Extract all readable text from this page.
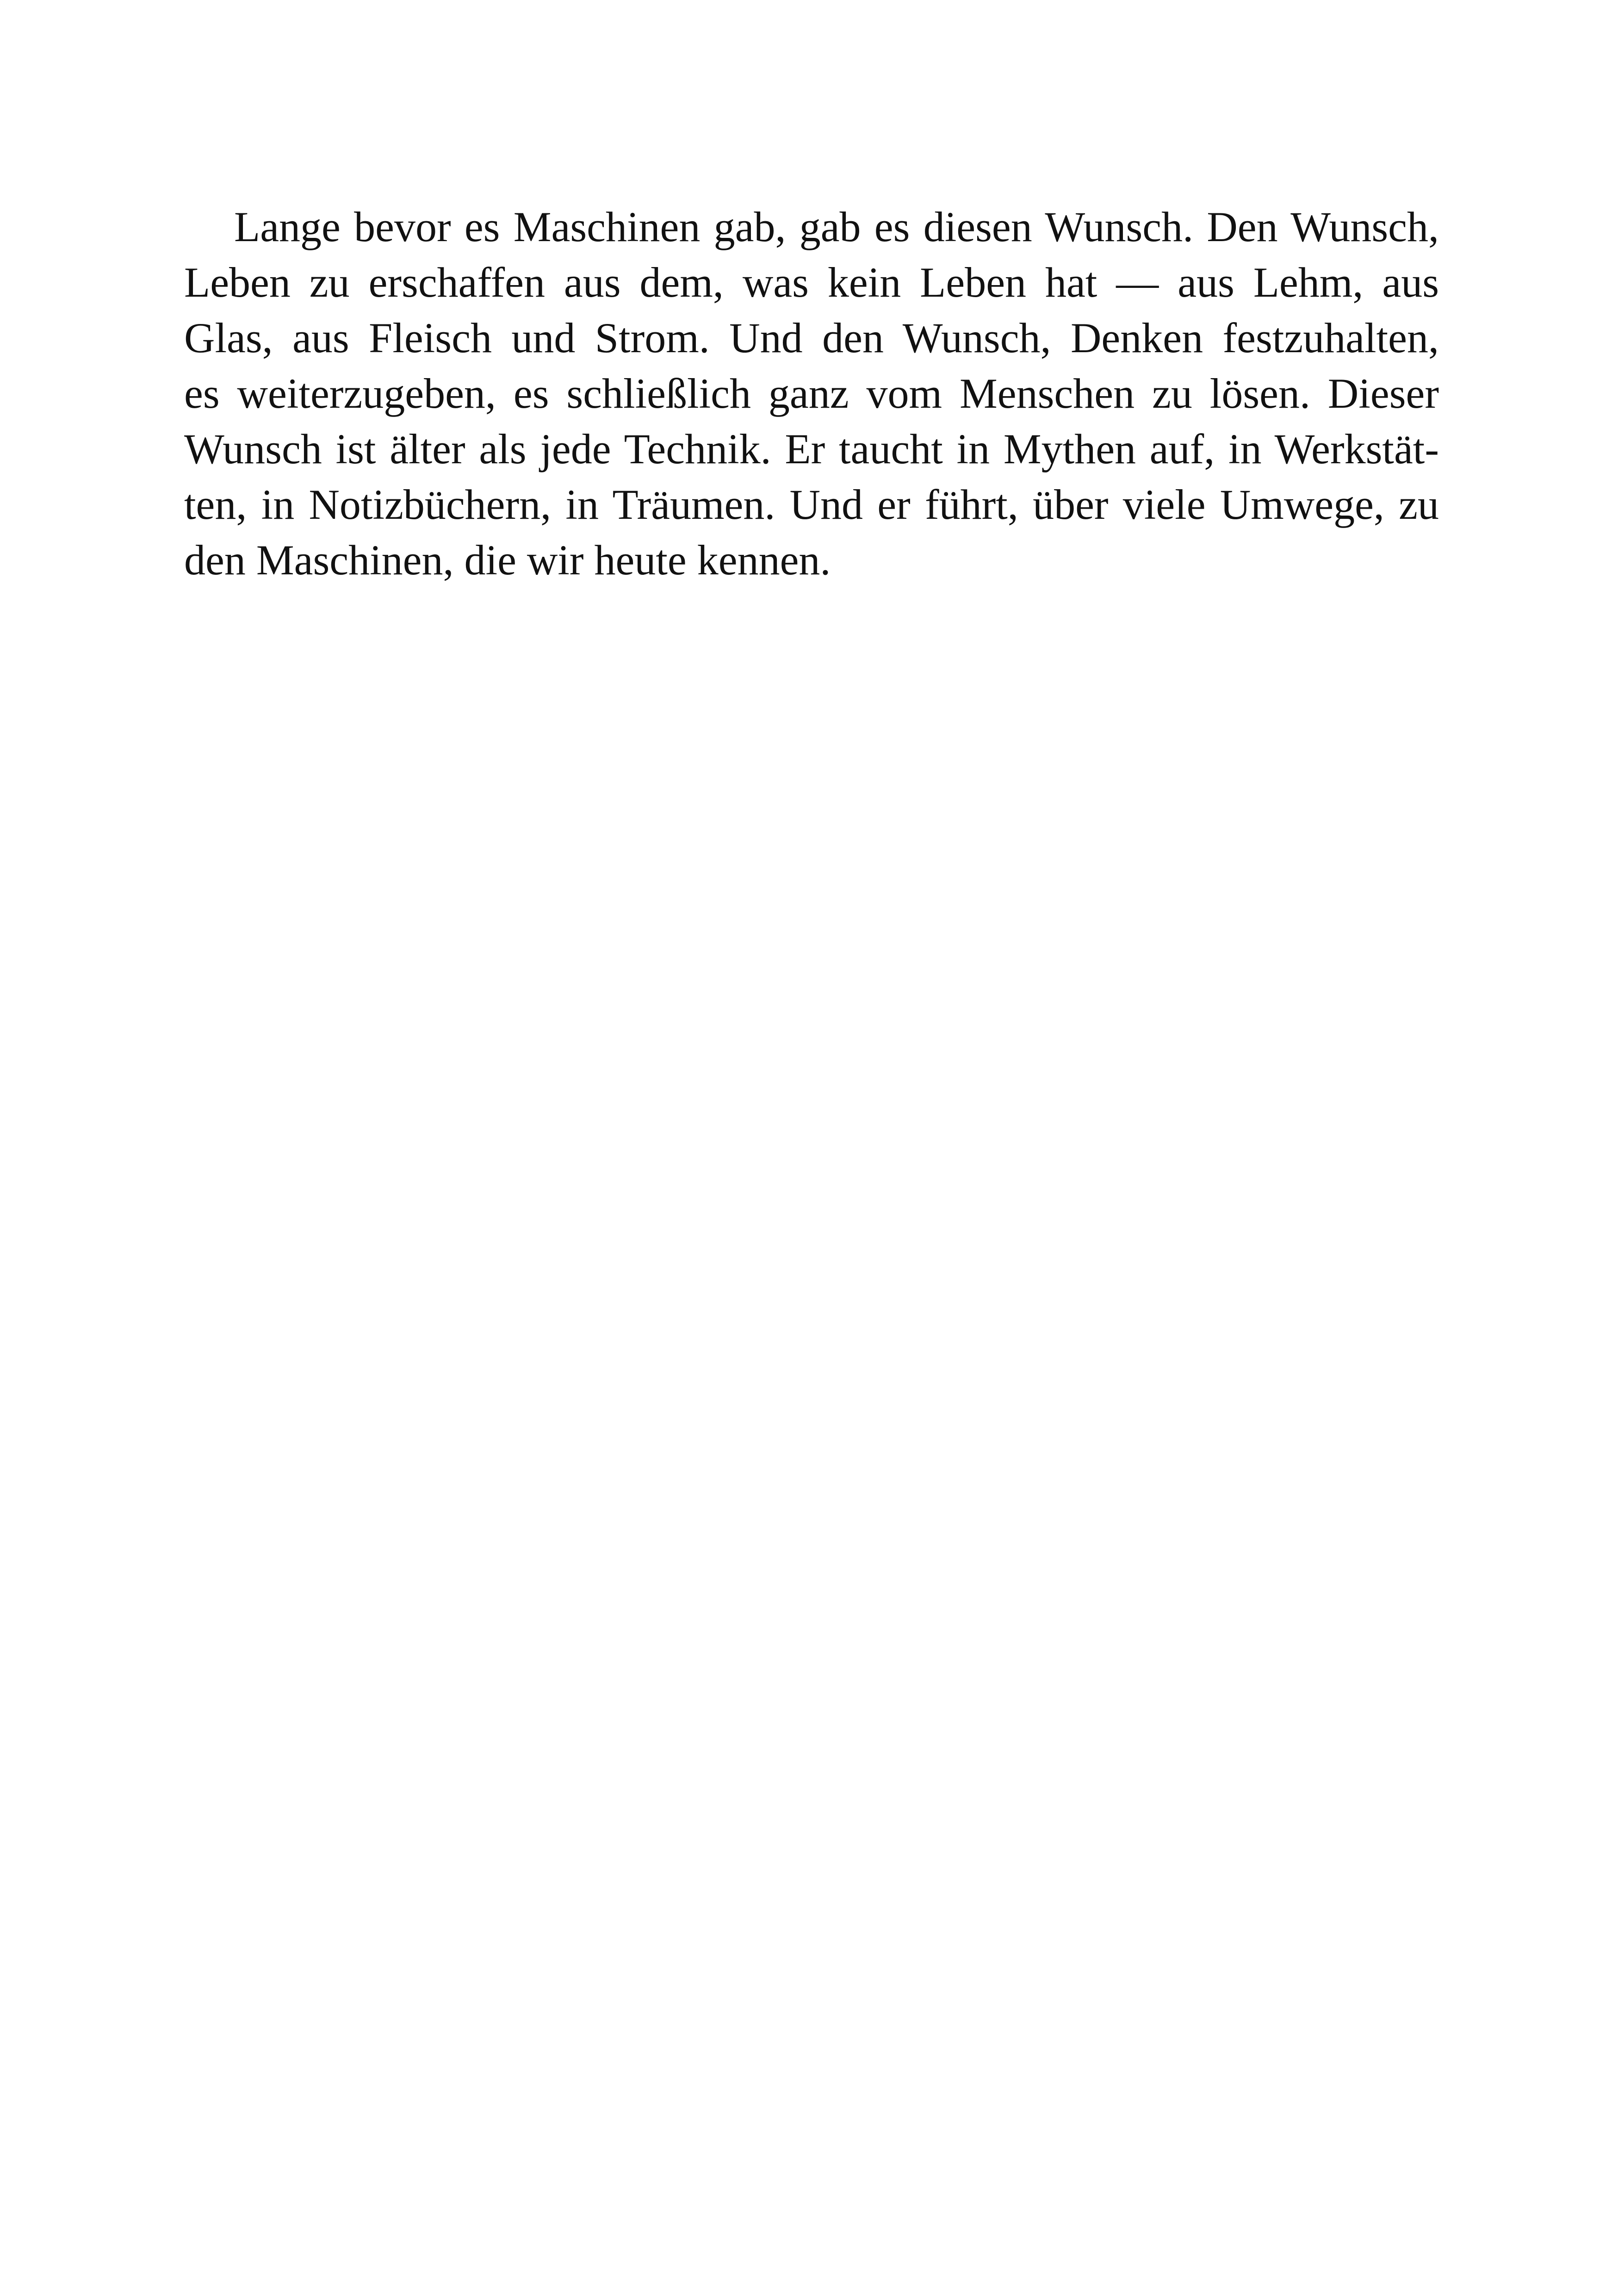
Lange bevor es Maschinen gab, gab es diesen Wunsch. Den Wunsch,
Leben zu erschaffen aus dem, was kein Leben hat — aus Lehm, aus
Glas, aus Fleisch und Strom. Und den Wunsch, Denken festzuhalten,
es weiterzugeben, es schließlich ganz vom Menschen zu lösen. Dieser
Wunsch ist älter als jede Technik. Er taucht in Mythen auf, in Werkstät-
ten, in Notizbüchern, in Träumen. Und er führt, über viele Umwege, zu
den Maschinen, die wir heute kennen.
